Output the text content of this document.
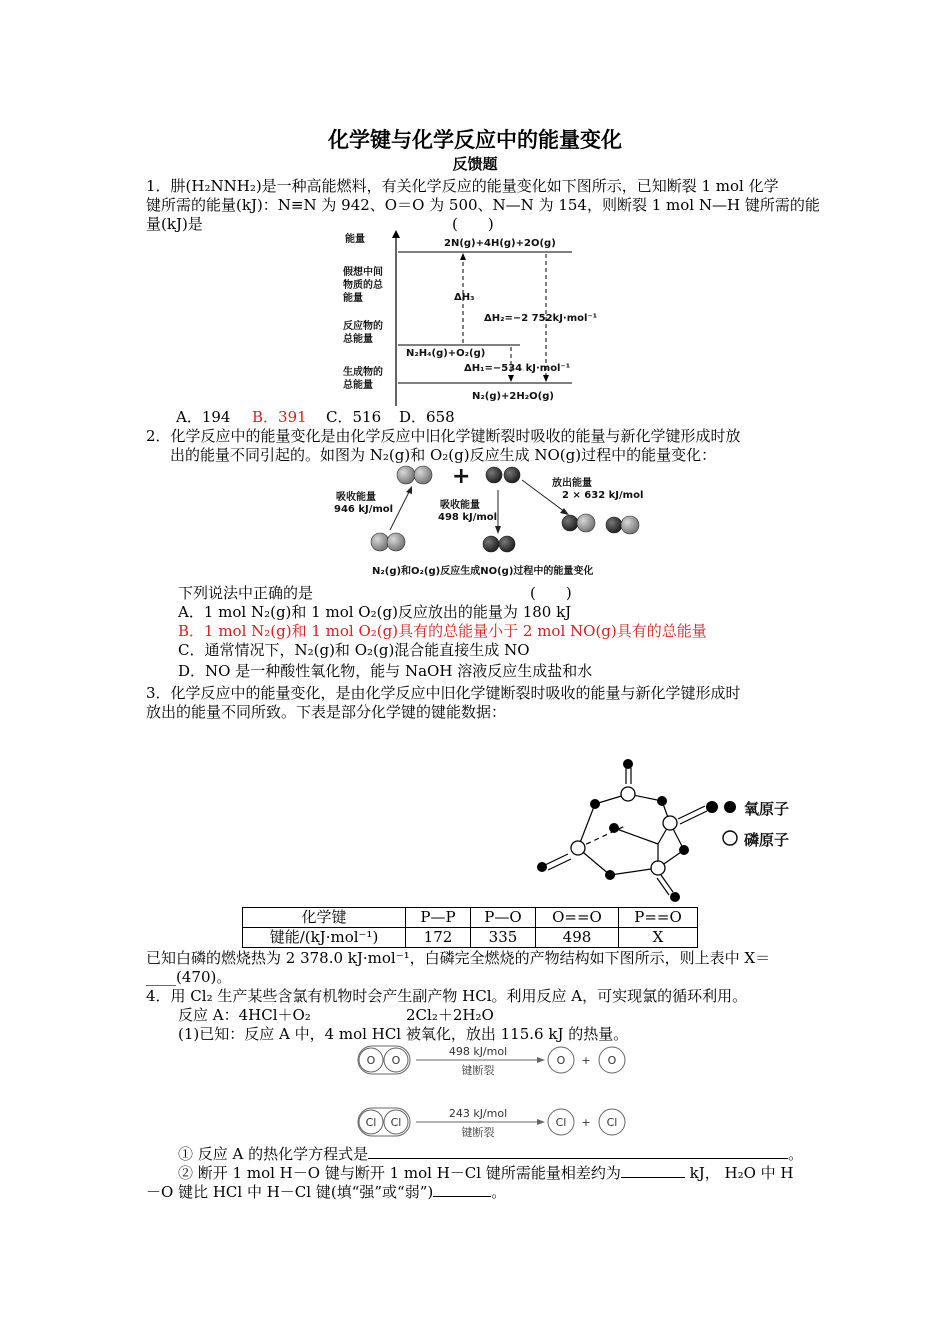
化学键与化学反应中的能量变化
反馈题
1．肼(H₂NNH₂)是一种高能燃料，有关化学反应的能量变化如下图所示，已知断裂 1 mol 化学
键所需的能量(kJ)：N≡N 为 942、O＝O 为 500、N—N 为 154，则断裂 1 mol N—H 键所需的能
量(kJ)是	(　　)
能量
假想中间
物质的总
能量
反应物的
总能量
生成物的
总能量
2N(g)+4H(g)+2O(g)
ΔH₃
ΔH₂=−2 752kJ·mol⁻¹
N₂H₄(g)+O₂(g)
ΔH₁=−534 kJ·mol⁻¹
N₂(g)+2H₂O(g)
A．194 B．391 C．516 D．658
2．化学反应中的能量变化是由化学反应中旧化学键断裂时吸收的能量与新化学键形成时放
出的能量不同引起的。如图为 N₂(g)和 O₂(g)反应生成 NO(g)过程中的能量变化：
+
吸收能量
946 kJ/mol	吸收能量
498 kJ/mol
放出能量
2 × 632 kJ/mol
N₂(g)和O₂(g)反应生成NO(g)过程中的能量变化
下列说法中正确的是	(　　)
A．1 mol N₂(g)和 1 mol O₂(g)反应放出的能量为 180 kJ
B．1 mol N₂(g)和 1 mol O₂(g)具有的总能量小于 2 mol NO(g)具有的总能量
C．通常情况下，N₂(g)和 O₂(g)混合能直接生成 NO
D．NO 是一种酸性氧化物，能与 NaOH 溶液反应生成盐和水
3．化学反应中的能量变化，是由化学反应中旧化学键断裂时吸收的能量与新化学键形成时
放出的能量不同所致。下表是部分化学键的键能数据：
氧原子
磷原子
化学键	P—P	P—O	O==O	P==O
键能/(kJ·mol⁻¹)	172	335	498	X
已知白磷的燃烧热为 2 378.0 kJ·mol⁻¹，白磷完全燃烧的产物结构如下图所示，则上表中 X＝
____(470)。
4．用 Cl₂ 生产某些含氯有机物时会产生副产物 HCl。利用反应 A，可实现氯的循环利用。
反应 A：4HCl＋O₂	2Cl₂＋2H₂O
(1)已知：反应 A 中，4 mol HCl 被氧化，放出 115.6 kJ 的热量。
O O	O + O
498 kJ/mol
键断裂
Cl Cl	Cl + Cl
243 kJ/mol
键断裂
① 反应 A 的热化学方程式是	。
② 断开 1 mol H－O 键与断开 1 mol H－Cl 键所需能量相差约为	kJ， H₂O 中 H
－O 键比 HCl 中 H－Cl 键(填“强”或“弱”)	。
